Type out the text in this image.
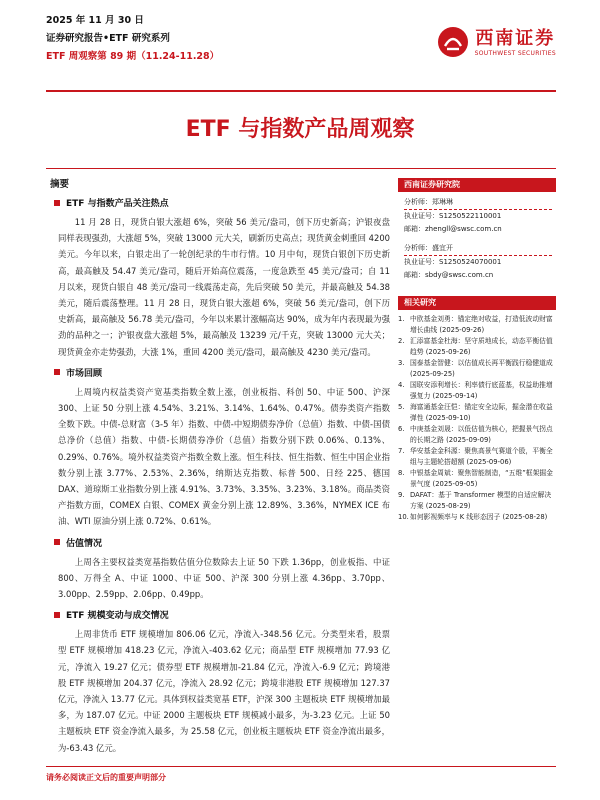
2025 年 11 月 30 日
证券研究报告•ETF 研究系列
ETF 周观察第 89 期（11.24-11.28）
西南证券
SOUTHWEST SECURITIES
ETF 与指数产品周观察
摘要
ETF 与指数产品关注热点

11 月 28 日，现货白银大涨超 6%，突破 56 美元/盎司，创下历史新高；沪银夜盘同样表现强劲，大涨超 5%，突破 13000 元大关，刷新历史高点；现货黄金刺重回 4200 美元。今年以来，白银走出了一轮创纪录的牛市行情。10 月中旬，现货白银创下历史新高，最高触及 54.47 美元/盎司，随后开始高位震荡，一度急跌至 45 美元/盎司；自 11 月以来，现货白银自 48 美元/盎司一线震荡走高，先后突破 50 美元，并最高触及 54.38 美元，随后震荡整理。11 月 28 日，现货白银大涨超 6%，突破 56 美元/盎司，创下历史新高，最高触及 56.78 美元/盎司，今年以来累计涨幅高达 90%，成为年内表现最为强劲的品种之一；沪银夜盘大涨超 5%，最高触及 13239 元/千克，突破 13000 元大关；现货黄金亦走势强劲，大涨 1%，重回 4200 美元/盎司，最高触及 4230 美元/盎司。

市场回顾

上周境内权益类资产宽基类指数全数上涨，创业板指、科创 50、中证 500、沪深 300、上证 50 分别上涨 4.54%、3.21%、3.14%、1.64%、0.47%。债券类资产指数全数下跌。中债-总财富（3-5 年）指数、中债-中短期债券净价（总值）指数、中债-国债总净价（总值）指数、中债-长期债券净价（总值）指数分别下跌 0.06%、0.13%、0.29%、0.76%。境外权益类资产指数全数上涨。恒生科技、恒生指数、恒生中国企业指数分别上涨 3.77%、2.53%、2.36%，纳斯达克指数、标普 500、日经 225、德国 DAX、道琼斯工业指数分别上涨 4.91%、3.73%、3.35%、3.23%、3.18%。商品类资产指数方面，COMEX 白银、COMEX 黄金分别上涨 12.89%、3.36%，NYMEX ICE 布油、WTI 原油分别上涨 0.72%、0.61%。

估值情况

上周各主要权益类宽基指数估值分位数除去上证 50 下跌 1.36pp，创业板指、中证 800、万得全 A、中证 1000、中证 500、沪深 300 分别上涨 4.36pp、3.70pp、3.00pp、2.59pp、2.06pp、0.49pp。

ETF 规模变动与成交情况

上周非货币 ETF 规模增加 806.06 亿元，净流入-348.56 亿元。分类型来看，股票型 ETF 规模增加 418.23 亿元，净流入-403.62 亿元；商品型 ETF 规模增加 77.93 亿元，净流入 19.27 亿元；债券型 ETF 规模增加-21.84 亿元，净流入-6.9 亿元；跨境港股 ETF 规模增加 204.37 亿元，净流入 28.92 亿元；跨境非港股 ETF 规模增加 127.37 亿元，净流入 13.77 亿元。具体到权益类宽基 ETF，沪深 300 主题板块 ETF 规模增加最多，为 187.07 亿元。中证 2000 主题板块 ETF 规模减小最多，为-3.23 亿元。上证 50 主题板块 ETF 资金净流入最多，为 25.58 亿元，创业板主题板块 ETF 资金净流出最多，为-63.43 亿元。

西南证券研究院
分析师：郑琳琳
执业证号：S1250522110001
邮箱：zhengll@swsc.com.cn
分析师：盛宜开
执业证号：S1250524070001
邮箱：sbdy@swsc.com.cn
相关研究
1. 中欧基金刘勇：锚定绝对收益，打造低波动财富增长曲线 (2025-09-26)
2. 汇添富基金杜海：坚守质地成长，动态平衡估值趋势 (2025-09-26)
3. 国泰基金智健：以估值成长再平衡践行稳健道成 (2025-09-25)
4. 国联安添利增长：利率债行底蓝基，权益助推增强复力 (2025-09-14)
5. 海富通基金汪恺：锚定安全边际，掘金潜在收益弹性 (2025-09-10)
6. 中庚基金刘晟：以低估值为核心，把握景气拐点的长期之路 (2025-09-09)
7. 华安基金金科源：聚焦高景气赛道个股，平衡全组与主题轮搭超额 (2025-09-06)
8. 中银基金周斌：聚焦智能制造，“五维”框架掘金景气度 (2025-09-05)
9. DAFAT：基于 Transformer 模型的自适应解决方案 (2025-08-29)
10. 如何影视频率与 K 线形态因子 (2025-08-28)
请务必阅读正文后的重要声明部分
